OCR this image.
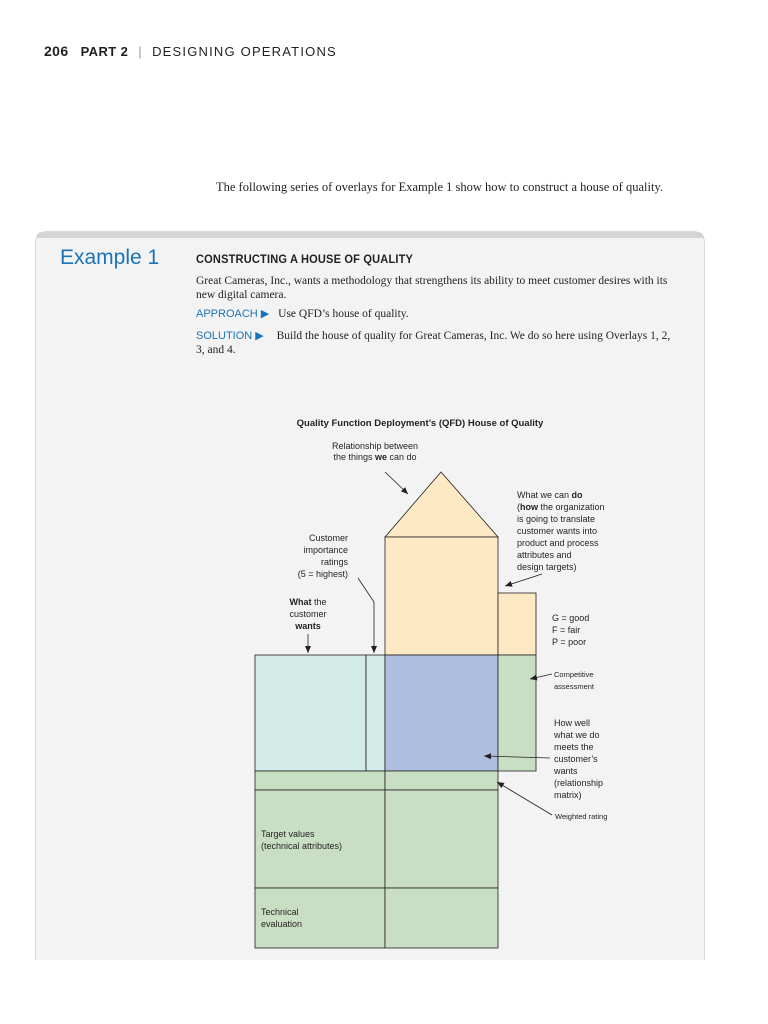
206 PART 2 | DESIGNING OPERATIONS
The following series of overlays for Example 1 show how to construct a house of quality.
Example 1	CONSTRUCTING A HOUSE OF QUALITY
Great Cameras, Inc., wants a methodology that strengthens its ability to meet customer desires with its
new digital camera.
APPROACH ▶ Use QFD’s house of quality.
SOLUTION ▶ Build the house of quality for Great Cameras, Inc. We do so here using Overlays 1, 2,
3, and 4.
Quality Function Deployment’s (QFD) House of Quality
Relationship between
the things we can do
What we can do
(how the organization
is going to translate
customer wants into
product and process
attributes and
design targets)
Customer
importance
ratings
(5 = highest)
What the
customer
wants
G = good
F = fair
P = poor
Competitive
assessment
How well
what we do
meets the
customer’s
wants
(relationship
matrix)
Weighted rating
Target values
(technical attributes)
Technical
evaluation
